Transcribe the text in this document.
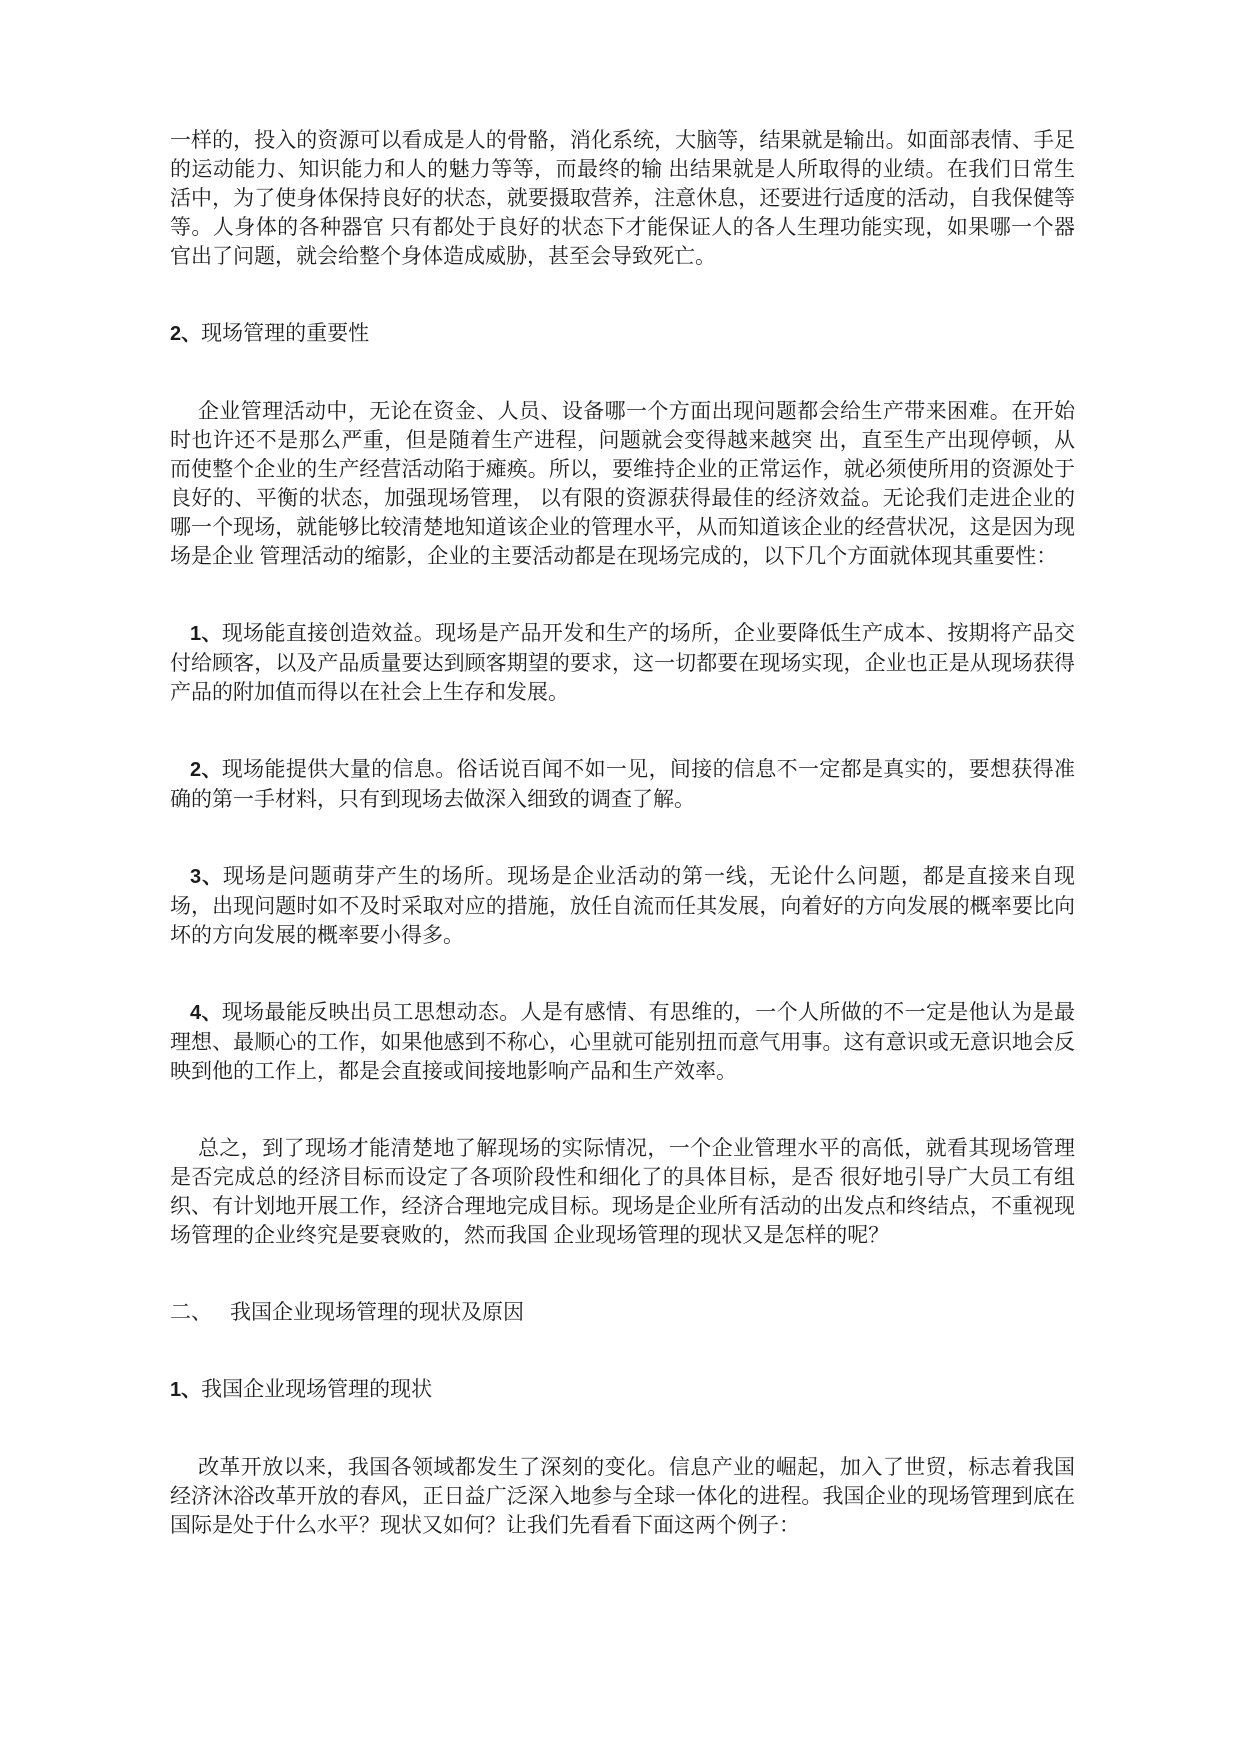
一样的，投入的资源可以看成是人的骨骼，消化系统，大脑等，结果就是输出。如面部表情、手足的运动能力、知识能力和人的魅力等等，而最终的输 出结果就是人所取得的业绩。在我们日常生活中，为了使身体保持良好的状态，就要摄取营养，注意休息，还要进行适度的活动，自我保健等等。人身体的各种器官 只有都处于良好的状态下才能保证人的各人生理功能实现，如果哪一个器官出了问题，就会给整个身体造成威胁，甚至会导致死亡。

2、现场管理的重要性

企业管理活动中，无论在资金、人员、设备哪一个方面出现问题都会给生产带来困难。在开始时也许还不是那么严重，但是随着生产进程，问题就会变得越来越突 出，直至生产出现停顿，从而使整个企业的生产经营活动陷于瘫痪。所以，要维持企业的正常运作，就必须使所用的资源处于良好的、平衡的状态，加强现场管理， 以有限的资源获得最佳的经济效益。无论我们走进企业的哪一个现场，就能够比较清楚地知道该企业的管理水平，从而知道该企业的经营状况，这是因为现场是企业 管理活动的缩影，企业的主要活动都是在现场完成的，以下几个方面就体现其重要性：

1、现场能直接创造效益。现场是产品开发和生产的场所，企业要降低生产成本、按期将产品交付给顾客，以及产品质量要达到顾客期望的要求，这一切都要在现场实现，企业也正是从现场获得产品的附加值而得以在社会上生存和发展。

2、现场能提供大量的信息。俗话说百闻不如一见，间接的信息不一定都是真实的，要想获得准确的第一手材料，只有到现场去做深入细致的调查了解。

3、现场是问题萌芽产生的场所。现场是企业活动的第一线，无论什么问题，都是直接来自现场，出现问题时如不及时采取对应的措施，放任自流而任其发展，向着好的方向发展的概率要比向坏的方向发展的概率要小得多。

4、现场最能反映出员工思想动态。人是有感情、有思维的，一个人所做的不一定是他认为是最理想、最顺心的工作，如果他感到不称心，心里就可能别扭而意气用事。这有意识或无意识地会反映到他的工作上，都是会直接或间接地影响产品和生产效率。

总之，到了现场才能清楚地了解现场的实际情况，一个企业管理水平的高低，就看其现场管理是否完成总的经济目标而设定了各项阶段性和细化了的具体目标，是否 很好地引导广大员工有组织、有计划地开展工作，经济合理地完成目标。现场是企业所有活动的出发点和终结点，不重视现场管理的企业终究是要衰败的，然而我国 企业现场管理的现状又是怎样的呢？

二、 我国企业现场管理的现状及原因
1、我国企业现场管理的现状

改革开放以来，我国各领域都发生了深刻的变化。信息产业的崛起，加入了世贸，标志着我国经济沐浴改革开放的春风，正日益广泛深入地参与全球一体化的进程。我国企业的现场管理到底在国际是处于什么水平？现状又如何？让我们先看看下面这两个例子：
